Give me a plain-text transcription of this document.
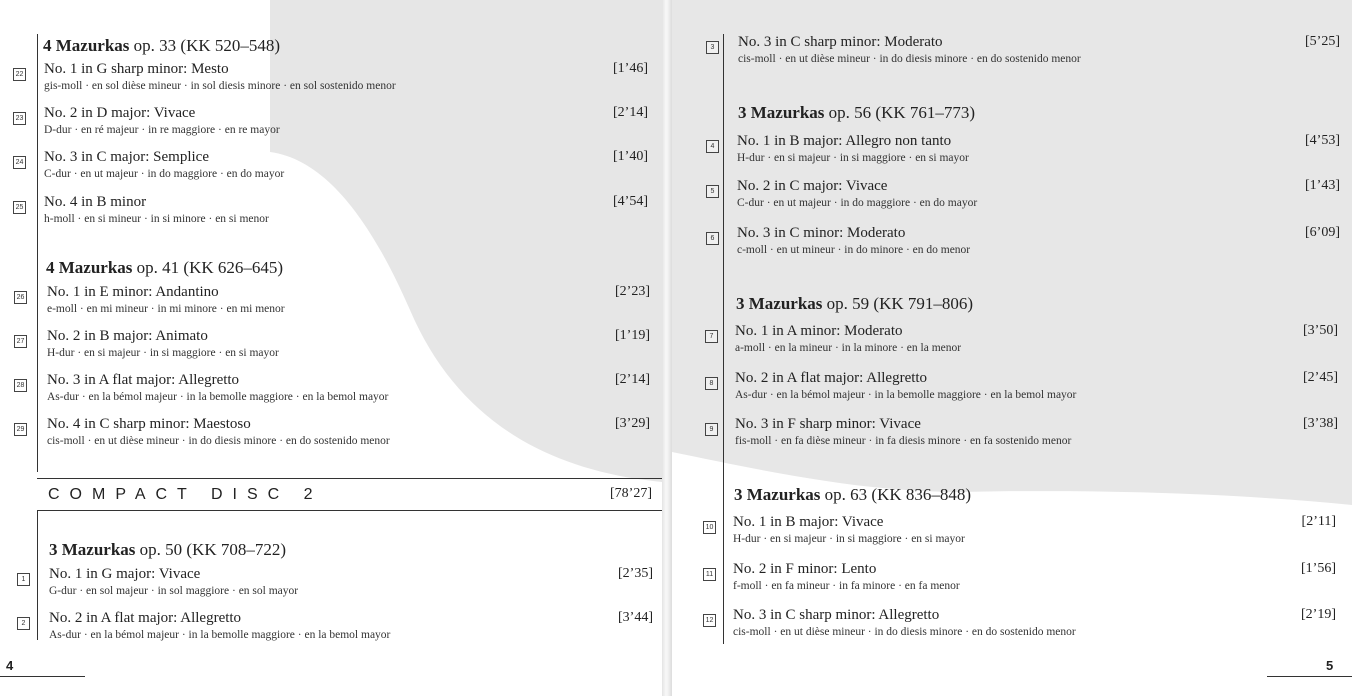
COMPACT DISC 2	[78’27]
4	5
4 Mazurkas op. 33 (KK 520–548)
22 No. 1 in G sharp minor: Mesto
gis-moll · en sol dièse mineur · in sol diesis minore · en sol sostenido menor
[1’46]
23 No. 2 in D major: Vivace
D-dur · en ré majeur · in re maggiore · en re mayor
[2’14]
24 No. 3 in C major: Semplice
C-dur · en ut majeur · in do maggiore · en do mayor
[1’40]
25 No. 4 in B minor
h-moll · en si mineur · in si minore · en si menor
[4’54]
4 Mazurkas op. 41 (KK 626–645)
26 No. 1 in E minor: Andantino
e-moll · en mi mineur · in mi minore · en mi menor
[2’23]
27 No. 2 in B major: Animato
H-dur · en si majeur · in si maggiore · en si mayor
[1’19]
28 No. 3 in A flat major: Allegretto
As-dur · en la bémol majeur · in la bemolle maggiore · en la bemol mayor
[2’14]
29 No. 4 in C sharp minor: Maestoso
cis-moll · en ut dièse mineur · in do diesis minore · en do sostenido menor
[3’29]
3 Mazurkas op. 50 (KK 708–722)
1	No. 1 in G major: Vivace
G-dur · en sol majeur · in sol maggiore · en sol mayor
[2’35]
2	No. 2 in A flat major: Allegretto
As-dur · en la bémol majeur · in la bemolle maggiore · en la bemol mayor
[3’44]
3	No. 3 in C sharp minor: Moderato
cis-moll · en ut dièse mineur · in do diesis minore · en do sostenido menor
[5’25]
3 Mazurkas op. 56 (KK 761–773)
4	No. 1 in B major: Allegro non tanto
H-dur · en si majeur · in si maggiore · en si mayor
[4’53]
5	No. 2 in C major: Vivace
C-dur · en ut majeur · in do maggiore · en do mayor
[1’43]
6	No. 3 in C minor: Moderato
c-moll · en ut mineur · in do minore · en do menor
[6’09]
3 Mazurkas op. 59 (KK 791–806)
7	No. 1 in A minor: Moderato
a-moll · en la mineur · in la minore · en la menor
[3’50]
8	No. 2 in A flat major: Allegretto
As-dur · en la bémol majeur · in la bemolle maggiore · en la bemol mayor
[2’45]
9	No. 3 in F sharp minor: Vivace
fis-moll · en fa dièse mineur · in fa diesis minore · en fa sostenido menor
[3’38]
3 Mazurkas op. 63 (KK 836–848)
10 No. 1 in B major: Vivace
H-dur · en si majeur · in si maggiore · en si mayor
[2’11]
11 No. 2 in F minor: Lento
f-moll · en fa mineur · in fa minore · en fa menor
[1’56]
12 No. 3 in C sharp minor: Allegretto
cis-moll · en ut dièse mineur · in do diesis minore · en do sostenido menor
[2’19]
